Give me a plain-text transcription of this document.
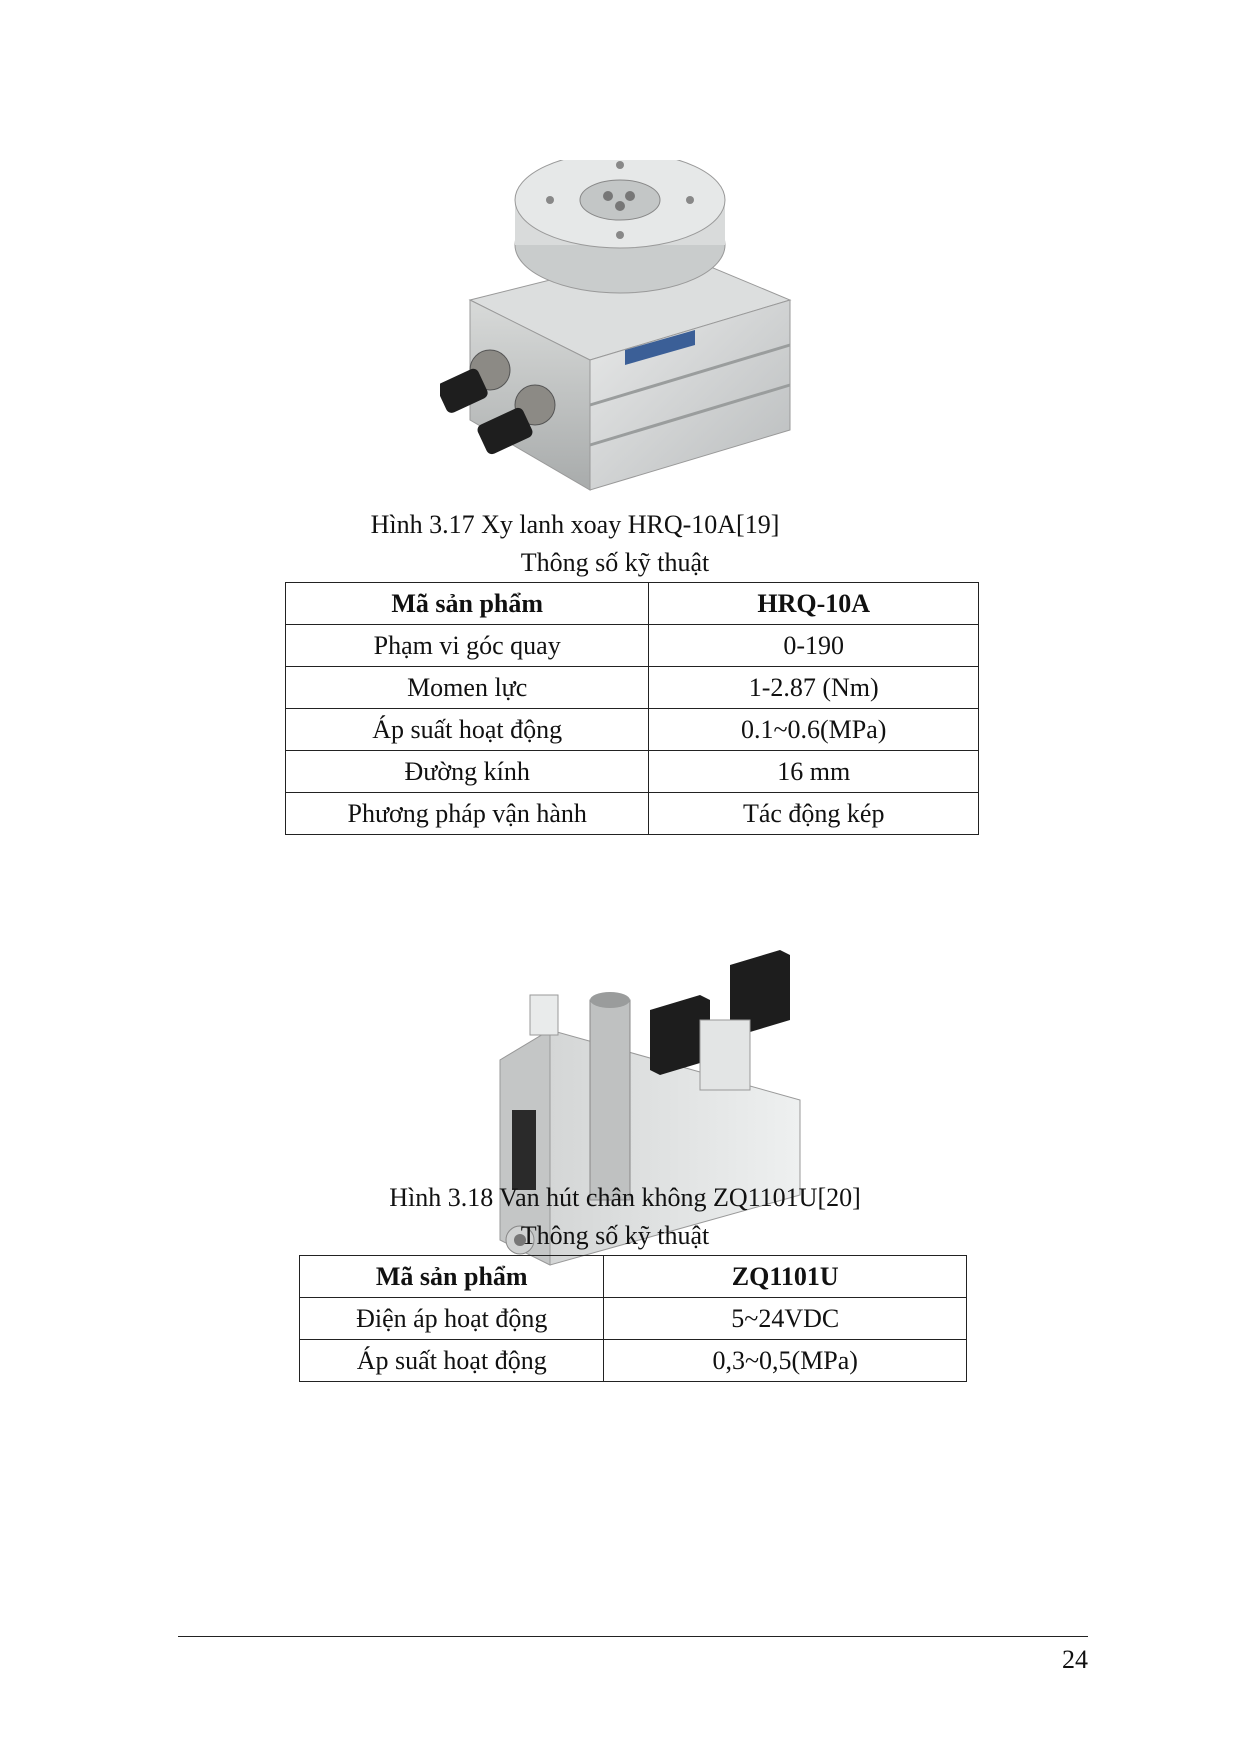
Hình 3.17 Xy lanh xoay HRQ-10A[19]
Thông số kỹ thuật
Mã sản phẩm	HRQ-10A
Phạm vi góc quay	0-190
Momen lực	1-2.87 (Nm)
Áp suất hoạt động	0.1~0.6(MPa)
Đường kính	16 mm
Phương pháp vận hành	Tác động kép
Hình 3.18 Van hút chân không ZQ1101U[20]
Thông số kỹ thuật
Mã sản phẩm	ZQ1101U
Điện áp hoạt động	5~24VDC
Áp suất hoạt động	0,3~0,5(MPa)
24
